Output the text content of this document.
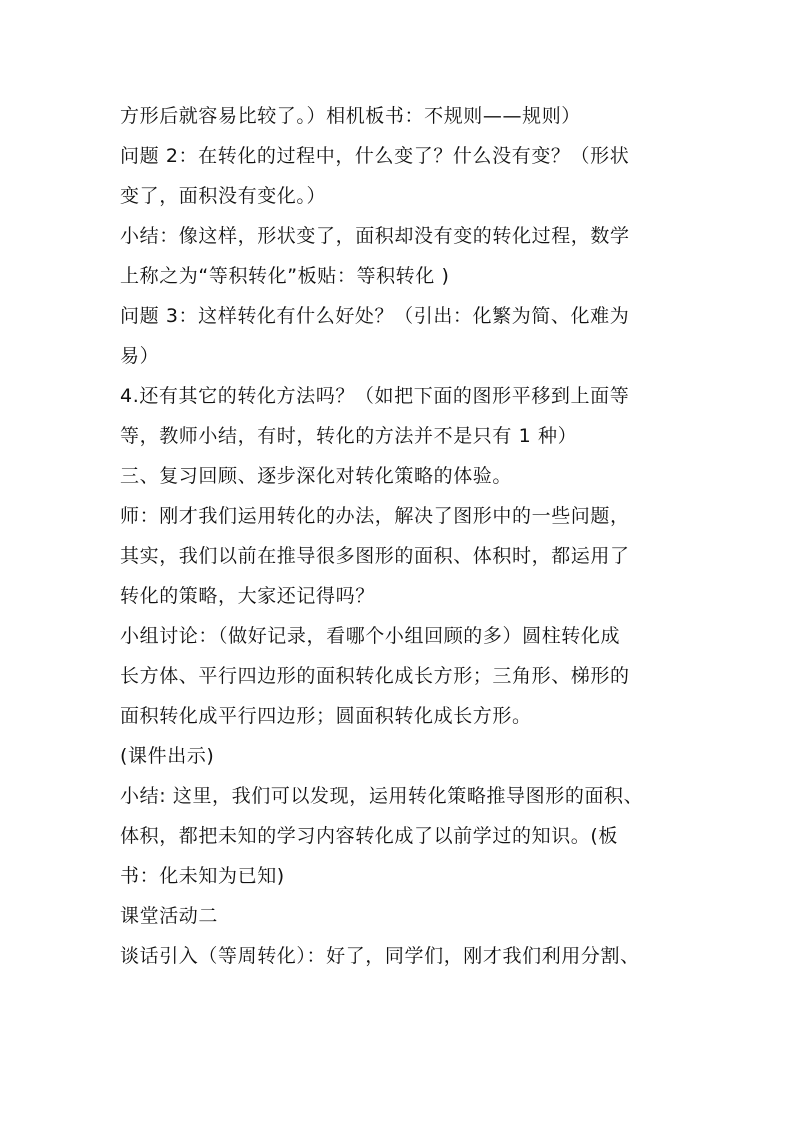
方形后就容易比较了。）相机板书：不规则——规则）
问题 2：在转化的过程中，什么变了？什么没有变？（形状
变了，面积没有变化。）
小结：像这样，形状变了，面积却没有变的转化过程，数学
上称之为“等积转化”板贴：等积转化 )
问题 3：这样转化有什么好处？（引出：化繁为简、化难为
易）
4.还有其它的转化方法吗？（如把下面的图形平移到上面等
等，教师小结，有时，转化的方法并不是只有 1 种）
三、复习回顾、逐步深化对转化策略的体验。
师：刚才我们运用转化的办法，解决了图形中的一些问题，
其实，我们以前在推导很多图形的面积、体积时，都运用了
转化的策略，大家还记得吗？
小组讨论：（做好记录，看哪个小组回顾的多）圆柱转化成
长方体、平行四边形的面积转化成长方形；三角形、梯形的
面积转化成平行四边形；圆面积转化成长方形。
(课件出示)
小结: 这里，我们可以发现，运用转化策略推导图形的面积、
体积，都把未知的学习内容转化成了以前学过的知识。(板
书：化未知为已知)
课堂活动二
谈话引入（等周转化）：好了，同学们，刚才我们利用分割、
